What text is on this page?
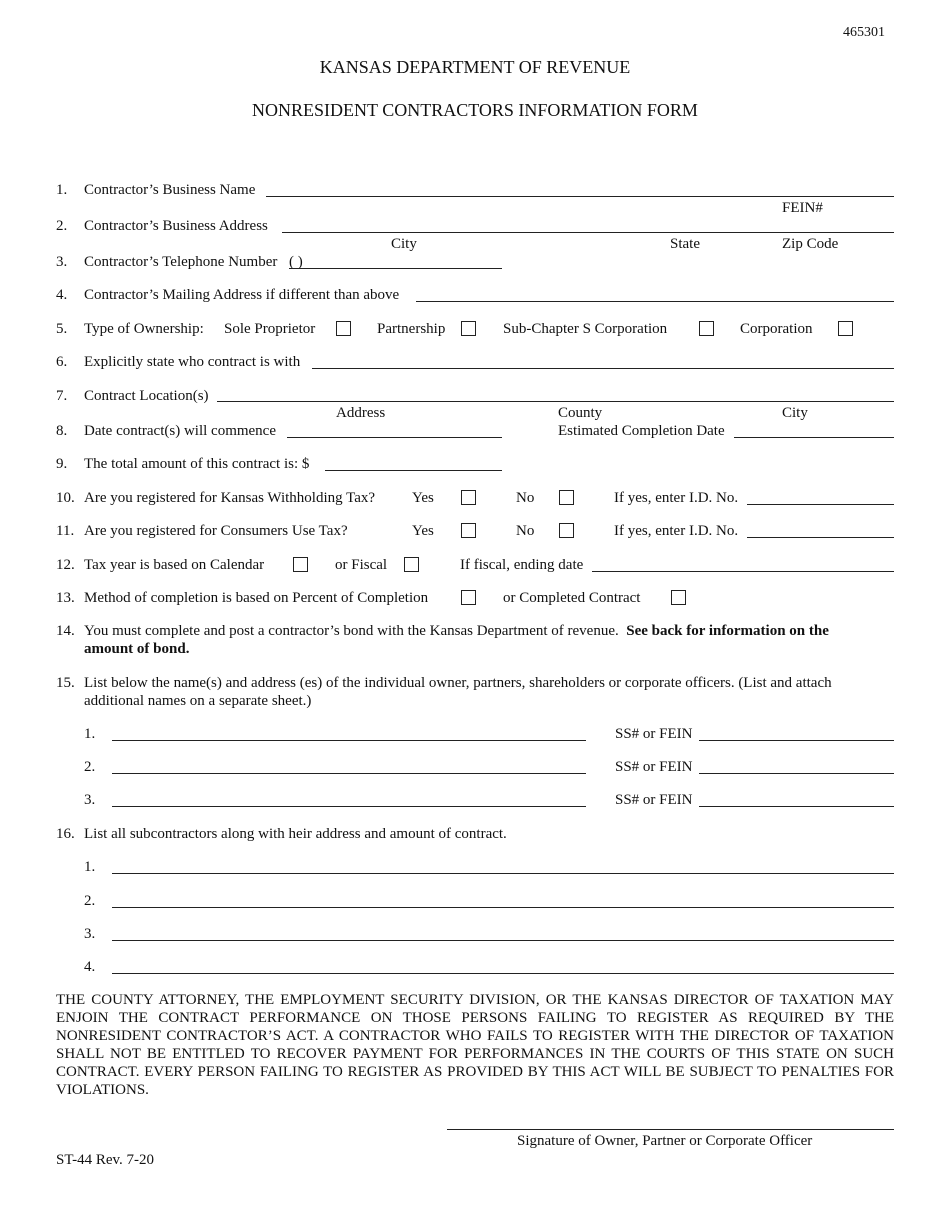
465301
KANSAS DEPARTMENT OF REVENUE
NONRESIDENT CONTRACTORS INFORMATION FORM
1. Contractor’s Business Name
FEIN#
2. Contractor’s Business Address
City	State	Zip Code
3. Contractor’s Telephone Number ( )
4. Contractor’s Mailing Address if different than above
5. Type of Ownership: Sole Proprietor	Partnership	Sub-Chapter S Corporation	Corporation
6. Explicitly state who contract is with
7. Contract Location(s)
Address	County	City
8. Date contract(s) will commence	Estimated Completion Date
9. The total amount of this contract is: $
10. Are you registered for Kansas Withholding Tax? Yes	No	If yes, enter I.D. No.
11. Are you registered for Consumers Use Tax?	Yes	No	If yes, enter I.D. No.
12. Tax year is based on Calendar	or Fiscal	If fiscal, ending date
13. Method of completion is based on Percent of Completion	or Completed Contract
14. You must complete and post a contractor’s bond with the Kansas Department of revenue. See back for information on the amount of bond.
15. List below the name(s) and address (es) of the individual owner, partners, shareholders or corporate officers. (List and attach additional names on a separate sheet.)
1.	SS# or FEIN
2.	SS# or FEIN
3.	SS# or FEIN
16. List all subcontractors along with heir address and amount of contract.
1.
2.
3.
4.
THE COUNTY ATTORNEY, THE EMPLOYMENT SECURITY DIVISION, OR THE KANSAS DIRECTOR OF TAXATION MAY ENJOIN THE CONTRACT PERFORMANCE ON THOSE PERSONS FAILING TO REGISTER AS REQUIRED BY THE NONRESIDENT CONTRACTOR’S ACT. A CONTRACTOR WHO FAILS TO REGISTER WITH THE DIRECTOR OF TAXATION SHALL NOT BE ENTITLED TO RECOVER PAYMENT FOR PERFORMANCES IN THE COURTS OF THIS STATE ON SUCH CONTRACT. EVERY PERSON FAILING TO REGISTER AS PROVIDED BY THIS ACT WILL BE SUBJECT TO PENALTIES FOR VIOLATIONS.
Signature of Owner, Partner or Corporate Officer
ST-44 Rev. 7-20
